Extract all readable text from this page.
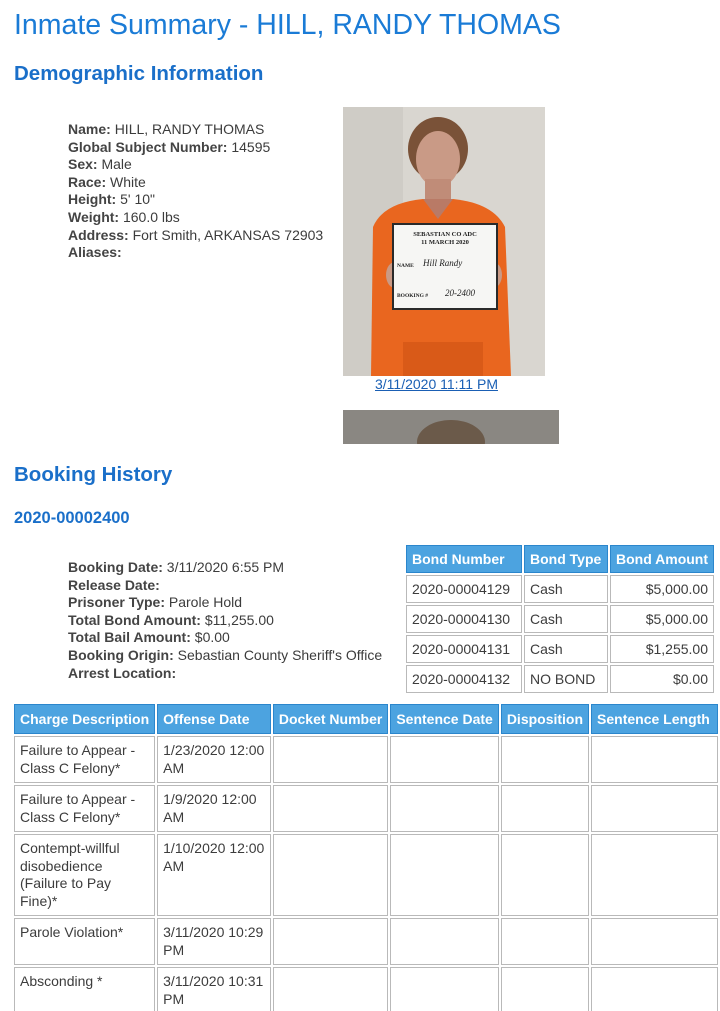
Inmate Summary - HILL, RANDY THOMAS
Demographic Information
Name: HILL, RANDY THOMAS
Global Subject Number: 14595
Sex: Male
Race: White
Height: 5' 10"
Weight: 160.0 lbs
Address: Fort Smith, ARKANSAS 72903
Aliases:
SEBASTIAN CO ADC
11 MARCH 2020
NAME Hill Randy
BOOKING # 20-2400
3/11/2020 11:11 PM
Booking History
2020-00002400
Booking Date: 3/11/2020 6:55 PM
Release Date:
Prisoner Type: Parole Hold
Total Bond Amount: $11,255.00
Total Bail Amount: $0.00
Booking Origin: Sebastian County Sheriff's Office
Arrest Location:
Bond Number	Bond Type	Bond Amount
2020-00004129	Cash	$5,000.00
2020-00004130	Cash	$5,000.00
2020-00004131	Cash	$1,255.00
2020-00004132	NO BOND	$0.00
Charge Description	Offense Date	Docket Number	Sentence Date	Disposition	Sentence Length
Failure to Appear - Class C Felony*	1/23/2020 12:00 AM				
Failure to Appear - Class C Felony*	1/9/2020 12:00 AM				
Contempt-willful disobedience (Failure to Pay Fine)*	1/10/2020 12:00 AM				
Parole Violation*	3/11/2020 10:29 PM				
Absconding *	3/11/2020 10:31 PM				
